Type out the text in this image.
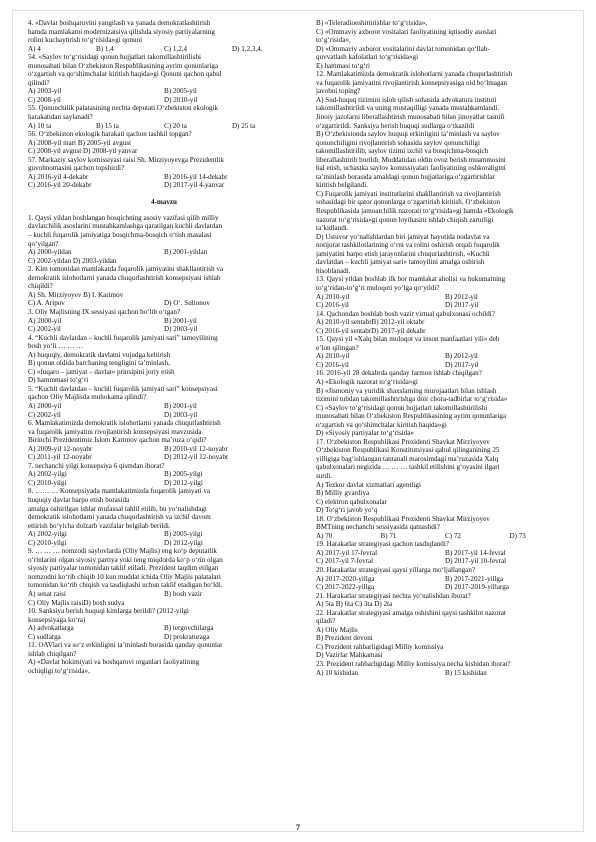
4. «Davlat boshqaruvini yangilash va yanada demokratlashtirish
hamda mamlakatni modernizatsiya qilishda siyosiy partiyalarning
rolini kuchaytirish to‘g‘risida»gi qonuni
A) 4	B) 1,4	C) 1,2,4	D) 1,2,3,4.
54. «Saylov to‘g‘risidagi qonun hujjatlari takomillashtirilishi
munosabati bilan O‘zbekiston Respublikasining ayrim qonunlariga
o‘zgartish va qo‘shimchalar kiritish haqida»gi Qonuni qachon qabul
qilindi?
A) 2003-yil	B) 2005-yil
C) 2008-yil	D) 2010-yil
55. Qonunchilik palatasining nechta deputati O‘zbekiston ekologik
harakatidan saylanadi?
A) 10 ta	B) 15 ta	C) 20 ta	D) 25 ta
56. O‘zbekiston ekologik harakati qachon tashkil topgan?
A) 2008-yil mart B) 2005-yil avgust
C) 2008-yil avgust D) 2008-yil yanvar
57. Markaziy saylov komissiyasi raisi Sh. Mirziyoyevga Prezidentlik
guvohnomasini qachon topshirdi?
A) 2016-yil 4-dekabr	B) 2016-yil 14-dekabr
C) 2016-yil 20-dekabr	D) 2017-yil 4-yanvar
4-mavzu
1. Qaysi yildan boshlangan bosqichning asosiy vazifasi qilib milliy
davlatchilik asoslarini mustahkamlashga qaratilgan kuchli davlatdan
– kuchli fuqarolik jamiyatiga bosqichma-bosqich o‘tish masalasi
qo‘yilgan?
A) 2000-yildan	B) 2001-yildan
C) 2002-yildan D) 2003-yildan
2. Kim tomonidan mamlakatda fuqarolik jamiyatini shakllantirish va
demokratik islohotlarni yanada chuqurlashtirish konsepsiyasi ishlab
chiqildi?
A) Sh. Mirziyoyev B) I. Karimov
C) A. Aripov	D) O‘. Sultonov
3. Oliy Majlisning IX sessiyasi qachon bo‘lib o‘tgan?
A) 2000-yil	B) 2001-yil
C) 2002-yil	D) 2003-yil
4. “Kuchli davlatdan – kuchli fuqarolik jamiyati sari” tamoyilining
bosh yo‘li … … …
A) huquqiy, demokratik davlatni vujudga keltirish
B) qonun oldida barchaning tengligini ta’minlash,
C) «fuqaro – jamiyat – davlat» prinsipini joriy etish
D) hammmasi to‘g‘ri
5. “Kuchli davlatdan – kuchli fuqarolik jamiyati sari” konsepsiyasi
qachon Oliy Majlisda muhokama qilindi?
A) 2000-yil	B) 2001-yil
C) 2002-yil	D) 2003-yil
6. Mamlakatimizda demokratik islohotlarni yanada chuqurlashtirish
va fuqarolik jamiyatini rivojlantirish konsepsiyasi mavzusida
Birinchi Prezidentimiz Islom Karimov qachon ma’ruza o‘qidi?
A) 2009-yil 12-noyabr	B) 2010-yil 12-noyabr
C) 2011-yil 12-noyabr	D) 2012-yil 12-noyabr
7. nechanchi yilgi konsepsiya 6 qismdan iborat?
A) 2002-yilgi	B) 2005-yilgi
C) 2010-yilgi	D) 2012-yilgi
8. …… … Konsepsiyada mamlakatimizda fuqarolik jamiyati va
huquqiy davlat barpo etish borasida
amalga oshirilgan ishlar mufassal tahlil etilib, bu yo‘nalishdagi
demokratik islohotlarni yanada chuqurlashtirish va izchil davom
ettirish bo‘yicha dolzarb vazifalar belgilab berildi.
A) 2002-yilgi	B) 2005-yilgi
C) 2010-yilgi	D) 2012-yilgi
9. … … … nomzodi saylovlarda (Oliy Majlis) eng ko‘p deputatlik
o‘rinlarini olgan siyosiy partiya yoki teng miqdorda ko‘p o‘rin olgan
siyosiy partiyalar tomonidan taklif etiladi. Prezident taqdim etilgan
nomzodni ko‘rib chiqib 10 kun muddat ichida Oliy Majlis palatalari
tomonidan ko‘rib chiqish va tasdiqlashi uchun taklif etadigan bo‘ldi.
A) senat raisi	B) bosh vazir
C) Oliy Majlis raisiD) bosh sudya
10. Sanksiya berish huquqi kimlarga berildi? (2012-yilgi
konsepsiyaga ko‘ra)
A) advokatlarga	B) tergovchilarga
C) sudlarga	D) prokraturaga
11. OAVlari va so‘z erkinligini ta’minlash borasida qanday qonunlar
ishlab chiqilgan?
A) «Davlat hokimiyati va boshqaruvi organlari faoliyatining
ochiqligi to‘g‘risida»,
B) «Teleradioeshittirishlar to‘g‘risida»,
C) «Ommaviy axborot vositalari faoliyatining iqtisodiy asoslari
to‘g‘risida»,
D) «Ommaviy axborot vositalarini davlat tomonidan qo‘llab-
quvvatlash kafolatlari to‘g‘risida»gi
E) hammasi to‘g‘ri
12. Mamlakatimizda demokratik islohotlarni yanada chuqurlashtirish
va fuqarolik jamiyatini rivojlantirish konsepsiyasiga oid bo‘lmagan
javobni toping?
A) Sud-huquq tizimini isloh qilish sohasida advokatura instituti
takomillashtirildi va uning mustaqilligi yanada mustahkamlandi.
Jinoiy jazolarni liberallashtirish munosabati bilan jinoyatlar tasnifi
o‘zgartirildi. Sanksiya berish huquqi sudlarga o‘tkazildi
B) O‘zbekistonda saylov huquqi erkinligini ta’minlash va saylov
qonunchiligini rivojlantirish sohasida saylov qonunchiligi
takomillashtirilib, saylov tizimi izchil va bosqichma-bosqich
liberallashtirib borildi. Muddatidan oldin ovoz berish muammosini
hal etish, uchastka saylov komissiyalari faoliyatining oshkoraligini
ta’minlash borasida amaldagi qonun hujjatlariga o‘zgartirishlar
kiritish belgilandi.
C) Fuqarolik jamiyati institutlarini shakllantirish va rivojlantirish
sohasidagi bir qator qonunlarga o‘zgartirish kiritish, O‘zbekiston
Respublikasida jamoatchilik nazorati to‘g‘risida»gi hamda «Ekologik
nazorat to‘g‘risida»gi qonun loyihasini ishlab chiqish zarurligi
ta’kidlandi.
D) Ustuvor yo‘nalishlardan biri jamiyat hayotida nodavlat va
notijorat tashkilotlarining o‘rni va rolini oshirish orqali fuqarolik
jamiyatini barpo etish jarayonlarini chuqurlashtirish, «Kuchli
davlatdan – kuchli jamiyat sari» tamoyilini amalga oshirish
hisoblanadi.
13. Qaysi yildan boshlab ilk bor mamlakat aholisi va hukumatning
to‘g‘ridan-to‘g‘ri muloqoti yo‘lga qo‘yildi?
A) 2010-yil	B) 2012-yil
C) 2016-yil	D) 2017-yil
14. Qachondan boshlab bosh vazir virtual qabulxonasi ochildi?
A) 2010-yil sentabrB) 2012-yil oktabr
C) 2016-yil sentabrD) 2017-yil dekabr
15. Qaysi yil «Xalq bilan muloqot va inson manfaatlari yili» deb
e’lon qilingan?
A) 2010-yil	B) 2012-yil
C) 2016-yil	D) 2017-yil
16. 2016-yil 28 dekabrda qanday farmon ishlab chiqilgan?
A) «Ekologik nazorat to‘g‘risida»gi
B) «Jismoniy va yuridik shaxslarning murojaatlari bilan ishlash
tizimini tubdan takomillashtirishga doir chora-tadbirlar to‘g‘risida»
C) «Saylov to‘g‘risidagi qonun hujjatlari takomillashtirilishi
munosabati bilan O‘zbekiston Respublikasining ayrim qonunlariga
o‘zgartish va qo‘shimchalar kiritish haqida»gi
D) «Siyosiy partiyalar to‘g‘risida»
17. O‘zbekiston Respublikasi Prezidenti Shavkat Mirziyoyev
O‘zbekiston Respublikasi Konstitutsiyasi qabul qilinganining 25
yilligiga bag‘ishlangan tantanali marosimdagi ma’ruzasida Xalq
qabulxonalari negizida … … … tashkil etilishini g‘oyasini ilgari
surdi.
A) Tezkor davlat xizmatlari agentligi
B) Milliy gvardiya
C) elektron qabulxonalar
D) To‘g‘ri javob yo‘q
18. O‘zbekiston Respublikasi Prezidenti Shavkat Mirziyoyev
BMTning nechanchi sessiyasida qatnashdi?
A) 70	B) 71	C) 72	D) 73
19. Harakatlar strategiyasi qachon tasdiqlandi?
A) 2017-yil 17-fevral	B) 2017-yil 14-fevral
C) 2017-yil 7-fevral	D) 2017-yil 10-fevral
20. Harakatlar strategiyasi qaysi yillarga mo‘ljallangan?
A) 2017-2020-yillga	B) 2017-2021-yillga
C) 2017-2022-yillga	D) 2017-2019-yillarga
21. Harakatlar strategiyasi nechta yo‘nalishdan iborat?
A) 5ta B) 6ta C) 3ta D) 2ta
22. Harakatlar strategiyasi amalga oshishini qaysi tashkilot nazorat
qiladi?
A) Oliy Majlis
B) Prezident devoni
C) Prezident rahbarligidagi Milliy komissiya
D) Vazirlar Mahkamasi
23. Prezident rahbarligidagi Milliy komissiya necha kishidan iborat?
A) 10 kishidan	B) 15 kishidan
7
